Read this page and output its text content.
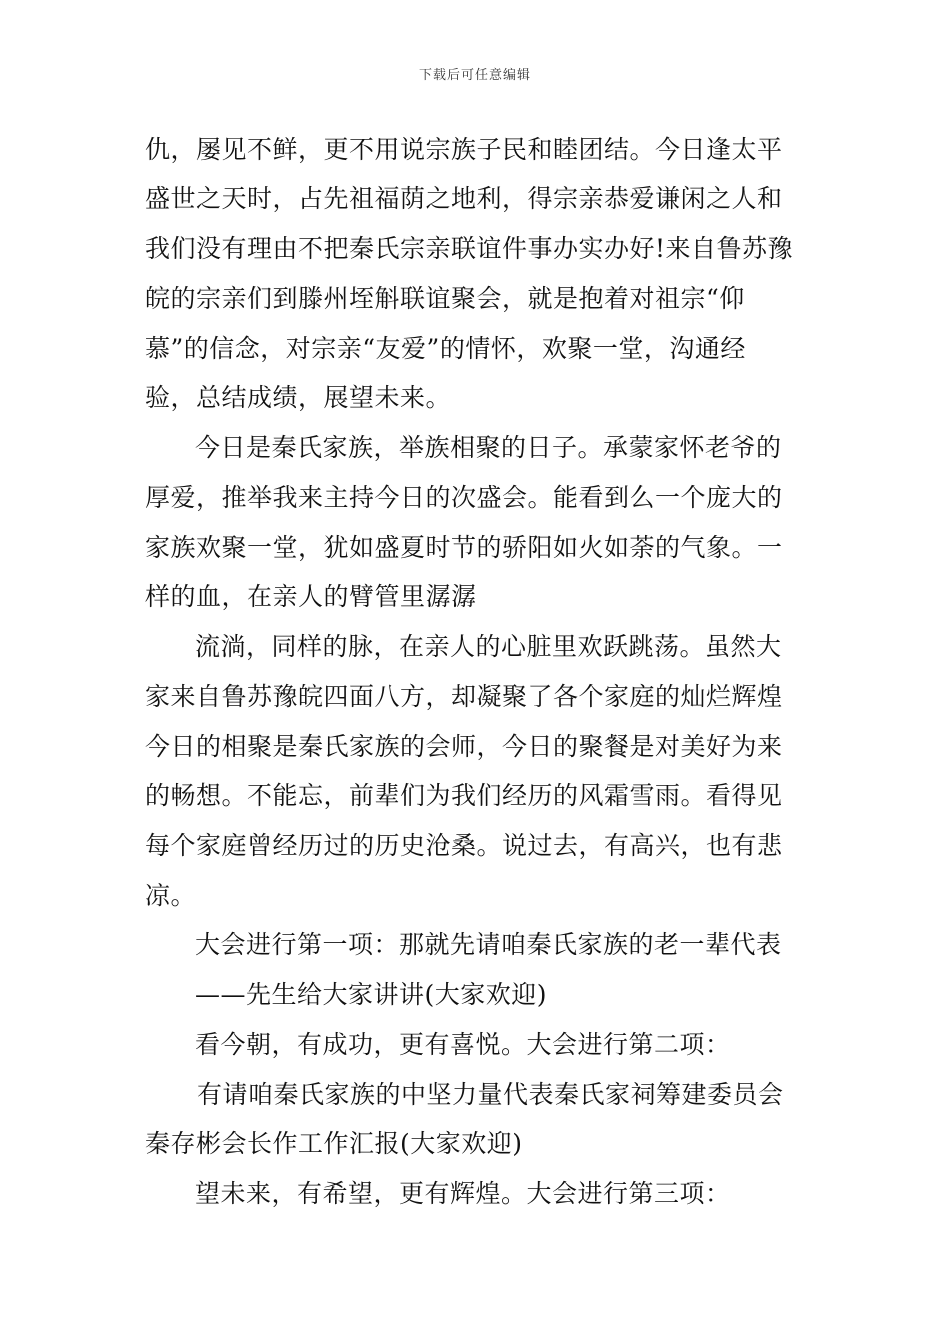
下载后可任意编辑
仇，屡见不鲜，更不用说宗族子民和睦团结。今日逢太平
盛世之天时，占先祖福荫之地利，得宗亲恭爱谦闲之人和
我们没有理由不把秦氏宗亲联谊件事办实办好!来自鲁苏豫
皖的宗亲们到滕州垤斛联谊聚会，就是抱着对祖宗“仰
慕”的信念，对宗亲“友爱”的情怀，欢聚一堂，沟通经
验，总结成绩，展望未来。
今日是秦氏家族，举族相聚的日子。承蒙家怀老爷的
厚爱，推举我来主持今日的次盛会。能看到么一个庞大的
家族欢聚一堂，犹如盛夏时节的骄阳如火如荼的气象。一
样的血，在亲人的臂管里潺潺
流淌，同样的脉，在亲人的心脏里欢跃跳荡。虽然大
家来自鲁苏豫皖四面八方，却凝聚了各个家庭的灿烂辉煌
今日的相聚是秦氏家族的会师，今日的聚餐是对美好为来
的畅想。不能忘，前辈们为我们经历的风霜雪雨。看得见
每个家庭曾经历过的历史沧桑。说过去，有高兴，也有悲
凉。
大会进行第一项：那就先请咱秦氏家族的老一辈代表
——先生给大家讲讲(大家欢迎)
看今朝，有成功，更有喜悦。大会进行第二项：
有请咱秦氏家族的中坚力量代表秦氏家祠筹建委员会
秦存彬会长作工作汇报(大家欢迎)
望未来，有希望，更有辉煌。大会进行第三项：
